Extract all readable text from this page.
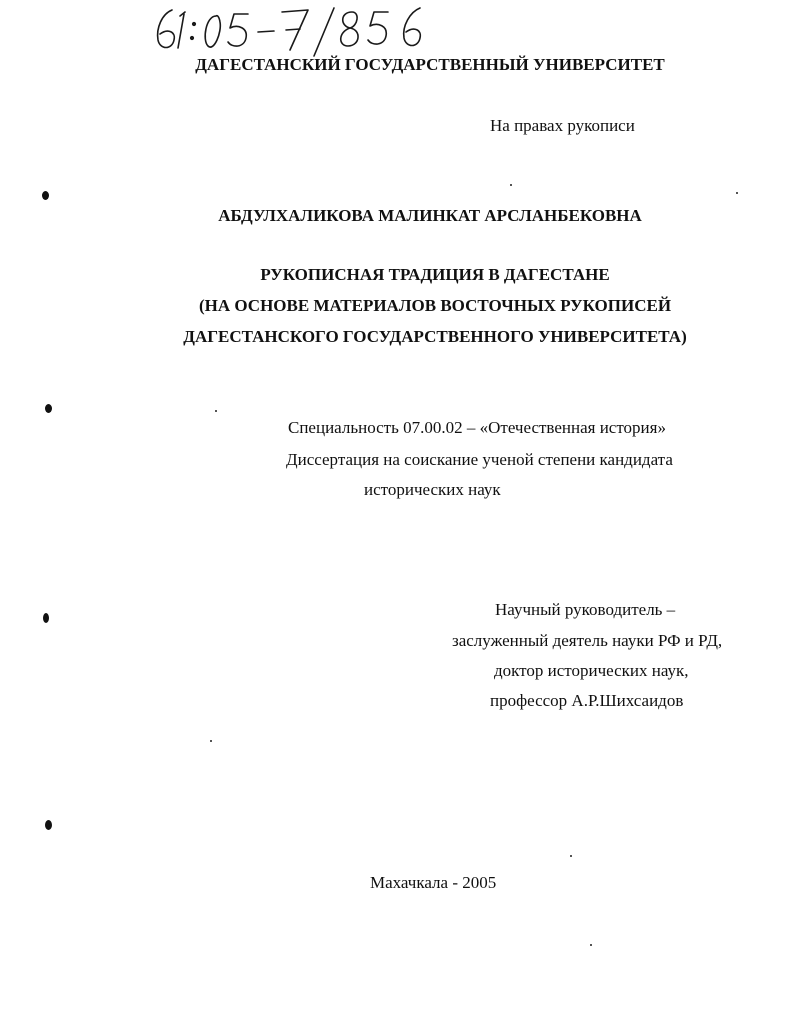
ДАГЕСТАНСКИЙ ГОСУДАРСТВЕННЫЙ УНИВЕРСИТЕТ
На правах рукописи
АБДУЛХАЛИКОВА МАЛИНКАТ АРСЛАНБЕКОВНА
РУКОПИСНАЯ ТРАДИЦИЯ В ДАГЕСТАНЕ
(НА ОСНОВЕ МАТЕРИАЛОВ ВОСТОЧНЫХ РУКОПИСЕЙ
ДАГЕСТАНСКОГО ГОСУДАРСТВЕННОГО УНИВЕРСИТЕТА)
Специальность 07.00.02 – «Отечественная история»
Диссертация на соискание ученой степени кандидата
исторических наук
Научный руководитель –
заслуженный деятель науки РФ и РД,
доктор исторических наук,
профессор А.Р.Шихсаидов
Махачкала - 2005
